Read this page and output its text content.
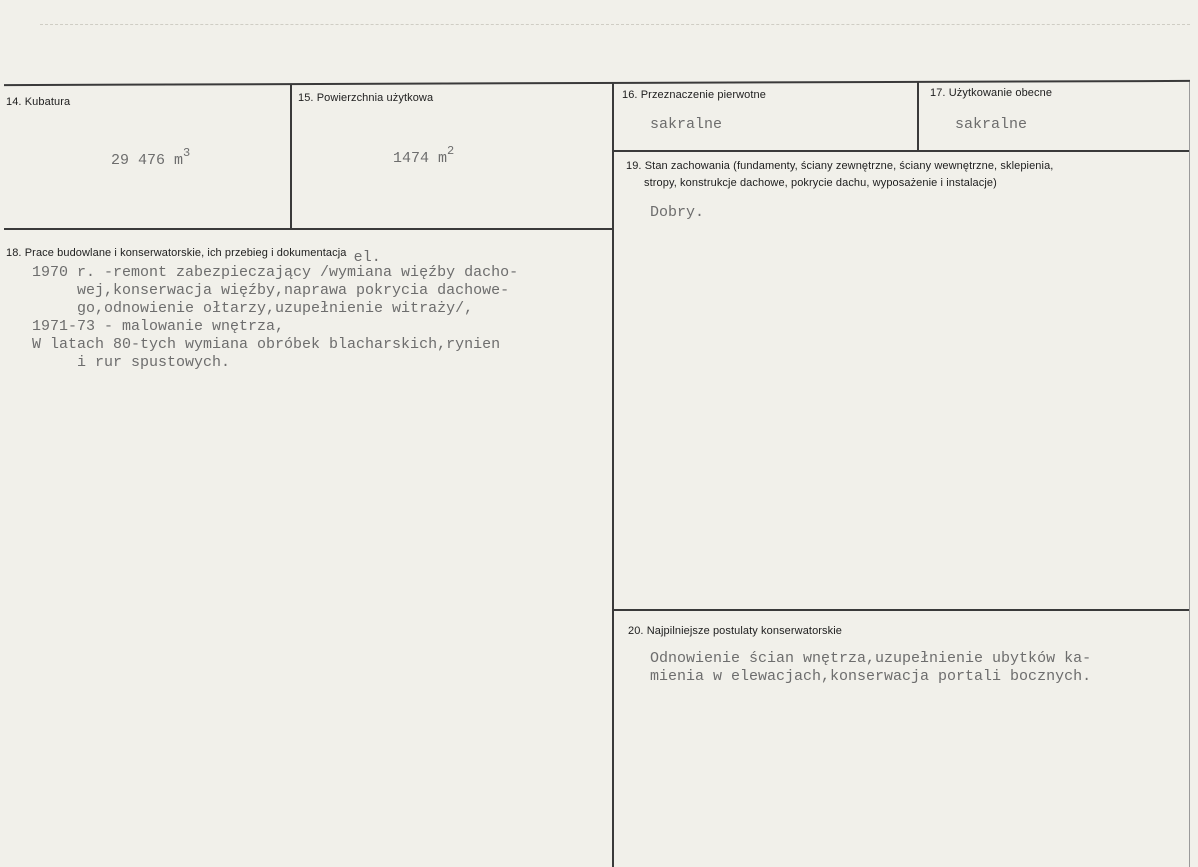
14. Kubatura

29 476 $m^3$

15. Powierzchnia użytkowa

1474 $m^2$

16. Przeznaczenie pierwotne
sakralne
17. Użytkowanie obecne
sakralne
19. Stan zachowania (fundamenty, ściany zewnętrzne, ściany wewnętrzne, sklepienia,
stropy, konstrukcje dachowe, pokrycie dachu, wyposażenie i instalacje)
Dobry.
18. Prace budowlane i konserwatorskie, ich przebieg i dokumentacja el.
1970 r. -remont zabezpieczający /wymiana więźby dacho-
wej,konserwacja więźby,naprawa pokrycia dachowe-
go,odnowienie ołtarzy,uzupełnienie witraży/,
1971-73 - malowanie wnętrza,
W latach 80-tych wymiana obróbek blacharskich,rynien
i rur spustowych.
20. Najpilniejsze postulaty konserwatorskie
Odnowienie ścian wnętrza,uzupełnienie ubytków ka-
mienia w elewacjach,konserwacja portali bocznych.
